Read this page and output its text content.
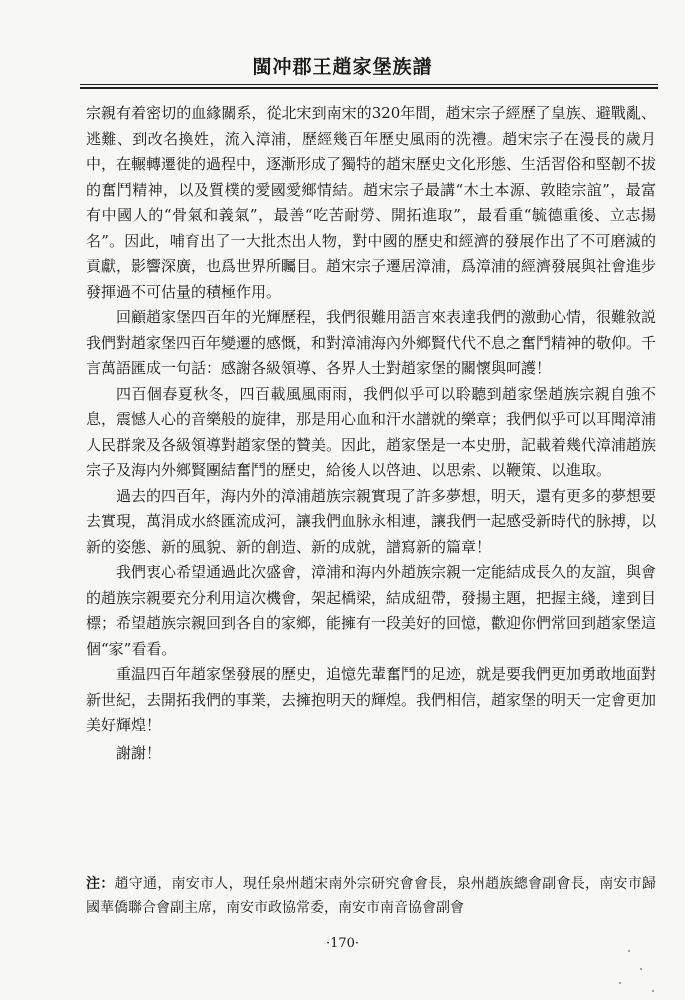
閩冲郡王趙家堡族譜

宗親有着密切的血緣關系，從北宋到南宋的320年間，趙宋宗子經歷了皇族、避戰亂、逃難、到改名換姓，流入漳浦，歷經幾百年歷史風雨的洗禮。趙宋宗子在漫長的歲月中，在輾轉遷徙的過程中，逐漸形成了獨特的趙宋歷史文化形態、生活習俗和堅韌不拔的奮鬥精神，以及質樸的愛國愛鄉情結。趙宋宗子最講“木土本源、敦睦宗誼”，最富有中國人的“骨氣和義氣”，最善“吃苦耐勞、開拓進取”，最看重“毓德重後、立志揚名”。因此，哺育出了一大批杰出人物，對中國的歷史和經濟的發展作出了不可磨滅的貢獻，影響深廣，也爲世界所矚目。趙宋宗子遷居漳浦，爲漳浦的經濟發展與社會進步發揮過不可估量的積極作用。

回顧趙家堡四百年的光輝歷程，我們很難用語言來表達我們的激動心情，很難敘説我們對趙家堡四百年變遷的感慨，和對漳浦海內外鄉賢代代不息之奮鬥精神的敬仰。千言萬語匯成一句話：感謝各級領導、各界人士對趙家堡的關懷與呵護！

四百個春夏秋冬，四百載風風雨雨，我們似乎可以聆聽到趙家堡趙族宗親自強不息，震憾人心的音樂般的旋律，那是用心血和汗水譜就的樂章；我們似乎可以耳聞漳浦人民群衆及各級領導對趙家堡的贊美。因此，趙家堡是一本史册，記載着幾代漳浦趙族宗子及海内外鄉賢團結奮鬥的歷史，給後人以啓迪、以思索、以鞭策、以進取。

過去的四百年，海内外的漳浦趙族宗親實現了許多夢想，明天，還有更多的夢想要去實現，萬涓成水終匯流成河，讓我們血脉永相連，讓我們一起感受新時代的脉搏，以新的姿態、新的風貌、新的創造、新的成就，譜寫新的篇章！

我們衷心希望通過此次盛會，漳浦和海内外趙族宗親一定能結成長久的友誼，與會的趙族宗親要充分利用這次機會，架起橋梁，結成紐帶，發揚主題，把握主綫，達到目標；希望趙族宗親回到各自的家鄉，能擁有一段美好的回憶，歡迎你們常回到趙家堡這個“家”看看。

重温四百年趙家堡發展的歷史，追憶先輩奮鬥的足迹，就是要我們更加勇敢地面對新世紀，去開拓我們的事業，去擁抱明天的輝煌。我們相信，趙家堡的明天一定會更加美好輝煌！

謝謝！

注：趙守通，南安市人，現任泉州趙宋南外宗研究會會長，泉州趙族總會副會長，南安市歸國華僑聯合會副主席，南安市政協常委，南安市南音協會副會
·170·
